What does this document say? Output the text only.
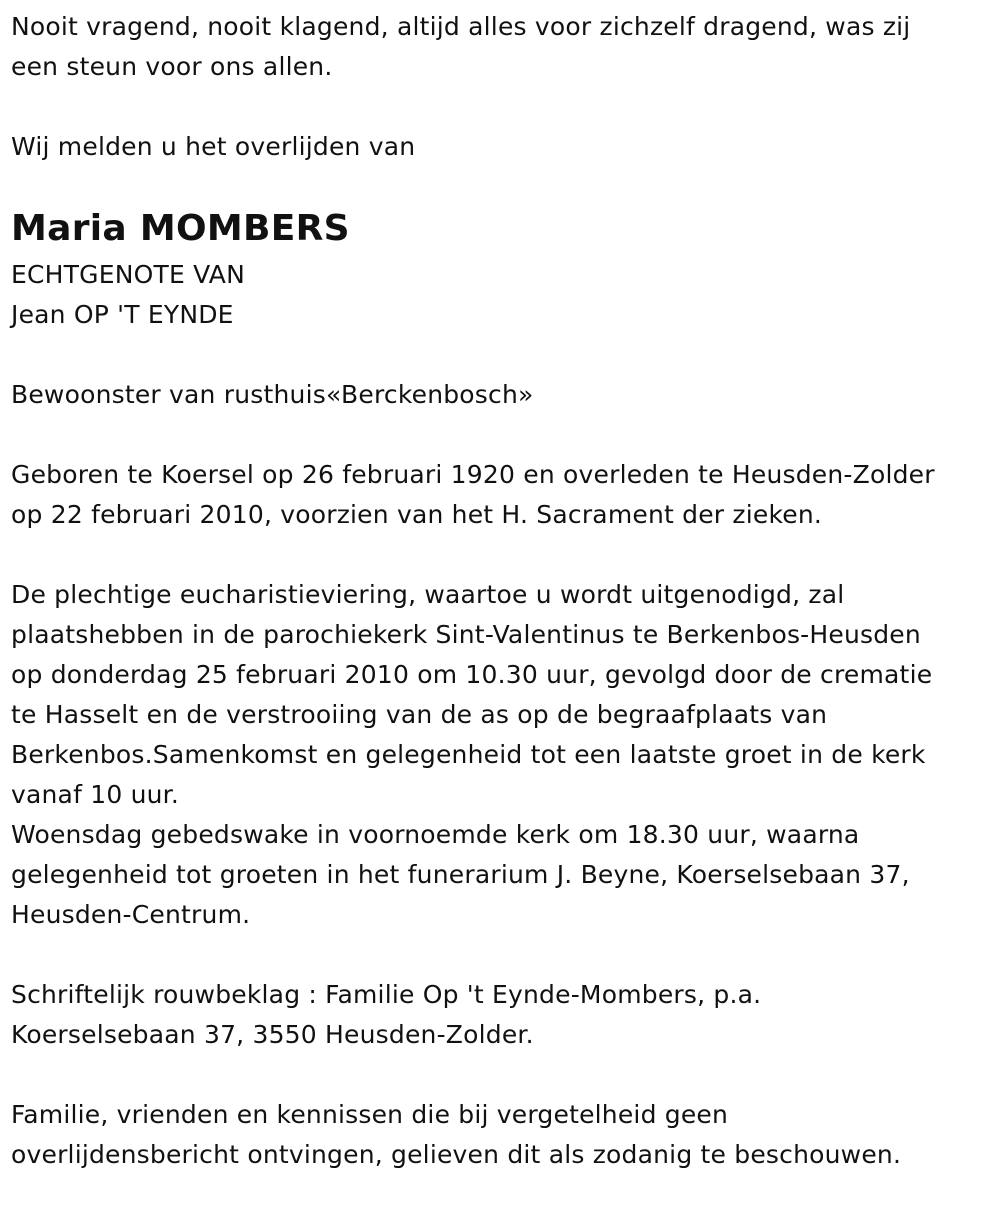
Nooit vragend, nooit klagend, altijd alles voor zichzelf dragend, was zij
een steun voor ons allen.
Wij melden u het overlijden van
Maria MOMBERS
ECHTGENOTE VAN
Jean OP 'T EYNDE
Bewoonster van rusthuis«Berckenbosch»
Geboren te Koersel op 26 februari 1920 en overleden te Heusden-Zolder
op 22 februari 2010, voorzien van het H. Sacrament der zieken.
De plechtige eucharistieviering, waartoe u wordt uitgenodigd, zal
plaatshebben in de parochiekerk Sint-Valentinus te Berkenbos-Heusden
op donderdag 25 februari 2010 om 10.30 uur, gevolgd door de crematie
te Hasselt en de verstrooiing van de as op de begraafplaats van
Berkenbos.Samenkomst en gelegenheid tot een laatste groet in de kerk
vanaf 10 uur.
Woensdag gebedswake in voornoemde kerk om 18.30 uur, waarna
gelegenheid tot groeten in het funerarium J. Beyne, Koerselsebaan 37,
Heusden-Centrum.
Schriftelijk rouwbeklag : Familie Op 't Eynde-Mombers, p.a.
Koerselsebaan 37, 3550 Heusden-Zolder.
Familie, vrienden en kennissen die bij vergetelheid geen
overlijdensbericht ontvingen, gelieven dit als zodanig te beschouwen.
